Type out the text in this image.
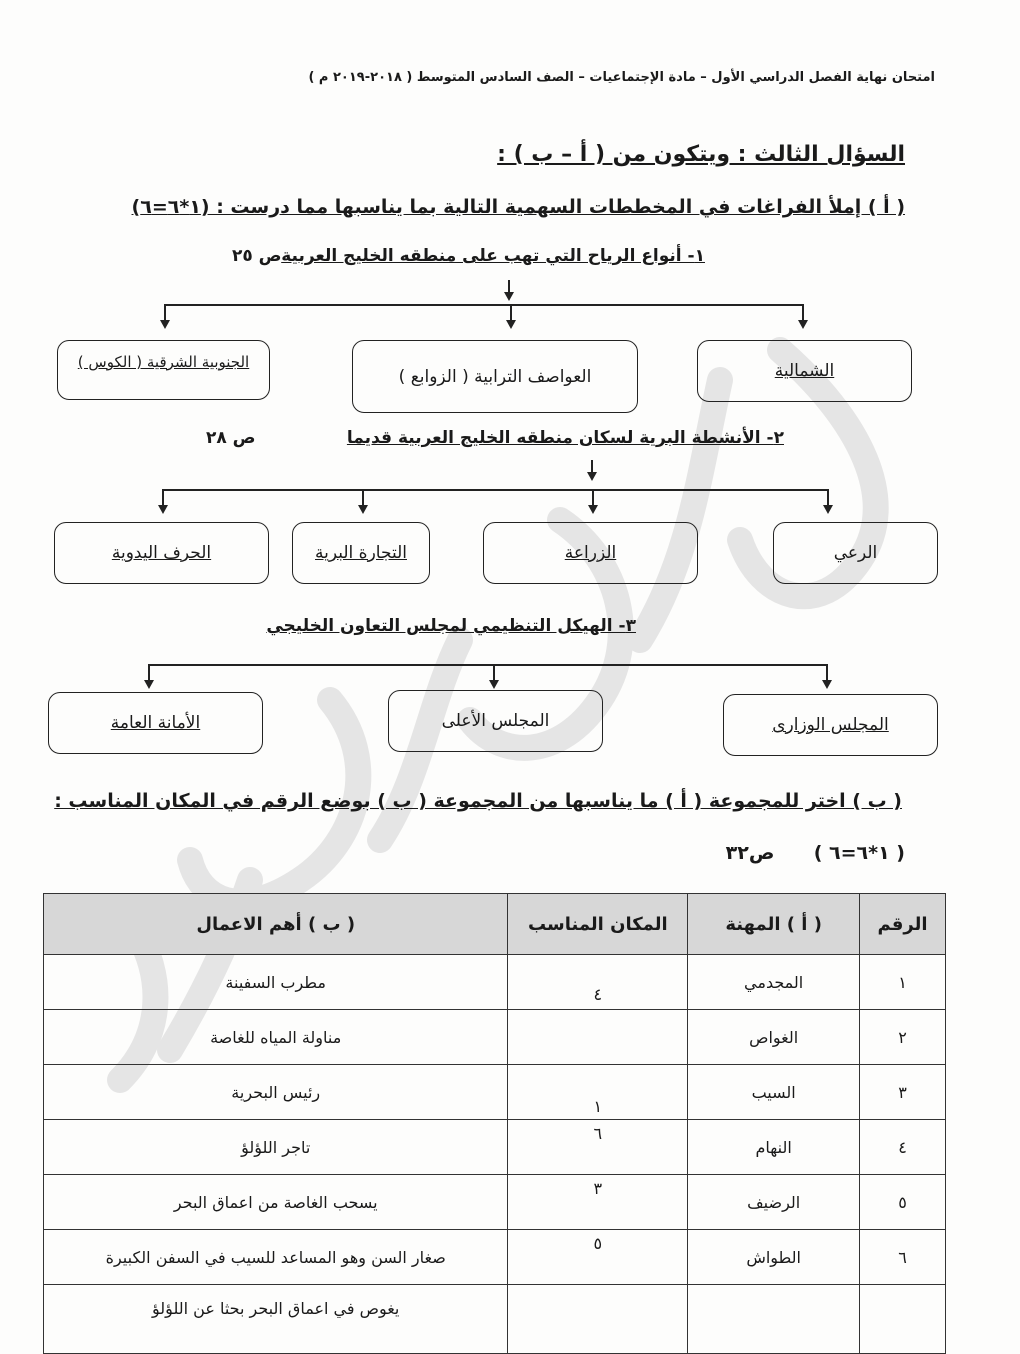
امتحان نهاية الفصل الدراسي الأول – مادة الإجتماعيات – الصف السادس المتوسط ( ٢٠١٨-٢٠١٩ م )
السؤال الثالث : ويتكون من ( أ – ب ) :
( أ ) إملأ الفراغات في المخططات السهمية التالية بما يناسبها مما درست : (١*٦=٦)
١- أنواع الرياح التي تهب على منطقه الخليج العربية
ص ٢٥
الشمالية
العواصف الترابية ( الزوابع )
الجنوبية الشرقية ( الكوس )
٢- الأنشطة البرية لسكان منطقه الخليج العربية قديما
ص ٢٨
الرعي
الزراعة
التجارة البرية
الحرف اليدوية
٣- الهيكل التنظيمي لمجلس التعاون الخليجي
المجلس الوزارى
المجلس الأعلى
الأمانة العامة
( ب ) اختر للمجموعة ( أ ) ما يناسبها من المجموعة ( ب ) بوضع الرقم في المكان المناسب :
( ١*٦=٦ )  ص٣٢
الرقم	( أ ) المهنة	المكان المناسب	( ب ) أهم الاعمال
١	المجدمي	٤	مطرب السفينة
٢	الغواص		مناولة المياه للغاصة
٣	السيب	١	رئيس البحرية
٤	النهام	٦	تاجر اللؤلؤ
٥	الرضيف	٣	يسحب الغاصة من اعماق البحر
٦	الطواش	٥	صغار السن وهو المساعد للسيب في السفن الكبيرة
			يغوص في اعماق البحر بحثا عن اللؤلؤ
